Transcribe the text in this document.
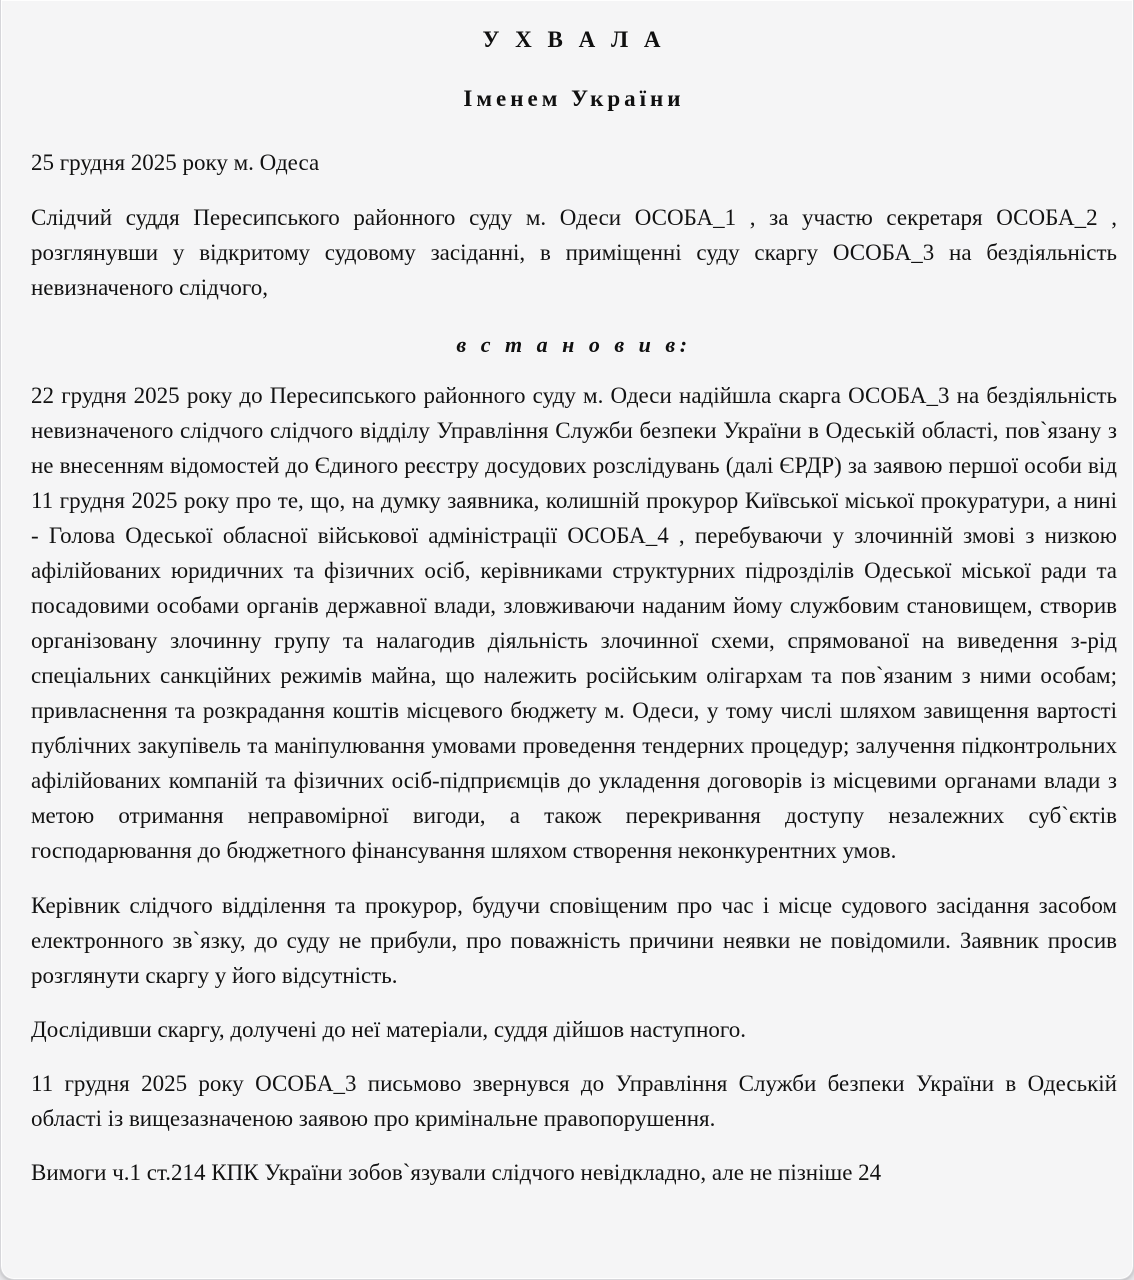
У Х В А Л А
Іменем України
25 грудня 2025 року м. Одеса

Слідчий суддя Пересипського районного суду м. Одеси ОСОБА_1 , за участю секретаря ОСОБА_2 , розглянувши у відкритому судовому засіданні, в приміщенні суду скаргу ОСОБА_3 на бездіяльність невизначеного слідчого,

в с т а н о в и в:

22 грудня 2025 року до Пересипського районного суду м. Одеси надійшла скарга ОСОБА_3 на бездіяльність невизначеного слідчого слідчого відділу Управління Служби безпеки України в Одеській області, пов`язану з не внесенням відомостей до Єдиного реєстру досудових розслідувань (далі ЄРДР) за заявою першої особи від 11 грудня 2025 року про те, що, на думку заявника, колишній прокурор Київської міської прокуратури, а нині - Голова Одеської обласної військової адміністрації ОСОБА_4 , перебуваючи у злочинній змові з низкою афілійованих юридичних та фізичних осіб, керівниками структурних підрозділів Одеської міської ради та посадовими особами органів державної влади, зловживаючи наданим йому службовим становищем, створив організовану злочинну групу та налагодив діяльність злочинної схеми, спрямованої на виведення з-рід спеціальних санкційних режимів майна, що належить російським олігархам та пов`язаним з ними особам; привласнення та розкрадання коштів місцевого бюджету м. Одеси, у тому числі шляхом завищення вартості публічних закупівель та маніпулювання умовами проведення тендерних процедур; залучення підконтрольних афілійованих компаній та фізичних осіб-підприємців до укладення договорів із місцевими органами влади з метою отримання неправомірної вигоди, а також перекривання доступу незалежних суб`єктів господарювання до бюджетного фінансування шляхом створення неконкурентних умов.

Керівник слідчого відділення та прокурор, будучи сповіщеним про час і місце судового засідання засобом електронного зв`язку, до суду не прибули, про поважність причини неявки не повідомили. Заявник просив розглянути скаргу у його відсутність.

Дослідивши скаргу, долучені до неї матеріали, суддя дійшов наступного.

11 грудня 2025 року ОСОБА_3 письмово звернувся до Управління Служби безпеки України в Одеській області із вищезазначеною заявою про кримінальне правопорушення.

Вимоги ч.1 ст.214 КПК України зобов`язували слідчого невідкладно, але не пізніше 24
